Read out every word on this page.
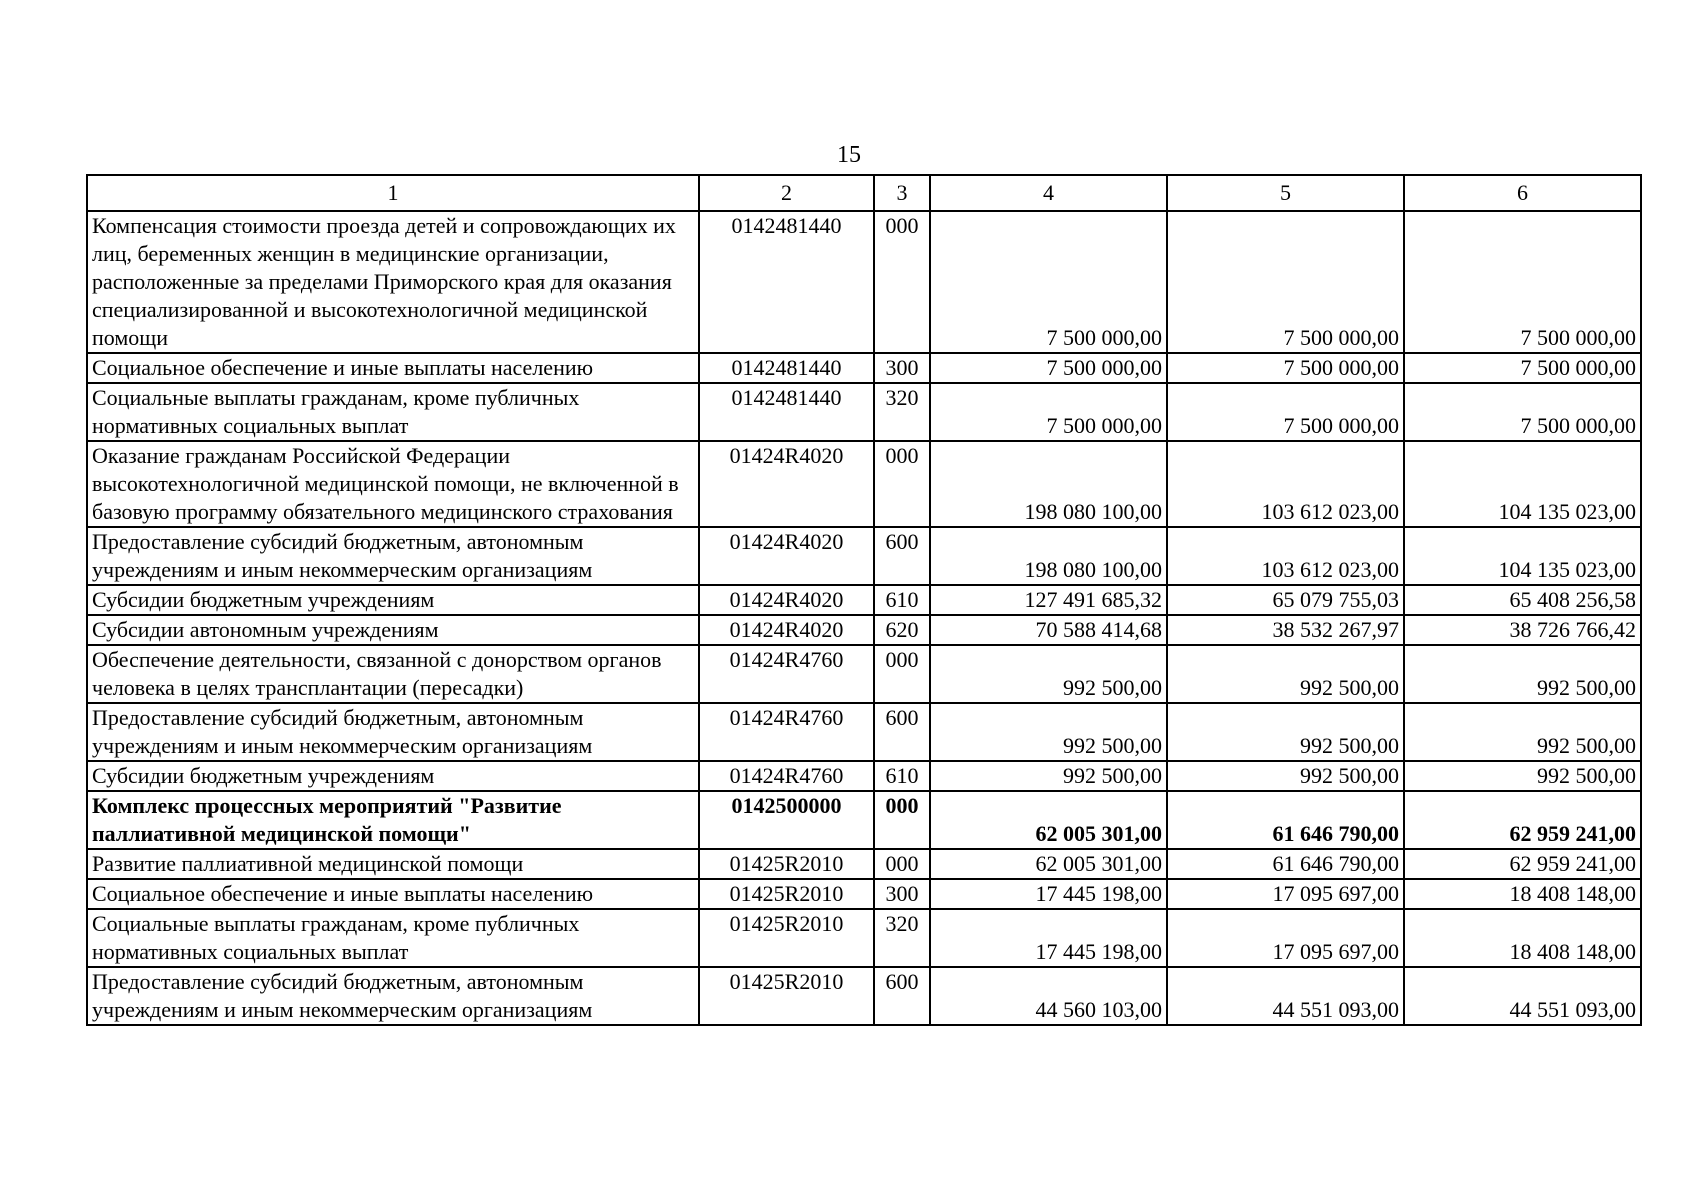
15
1	2	3	4	5	6
Компенсация стоимости проезда детей и сопровождающих их лиц, беременных женщин в медицинские организации, расположенные за пределами Приморского края для оказания специализированной и высокотехнологичной медицинской помощи	0142481440	000	7 500 000,00	7 500 000,00	7 500 000,00
Социальное обеспечение и иные выплаты населению	0142481440	300	7 500 000,00	7 500 000,00	7 500 000,00
Социальные выплаты гражданам, кроме публичных нормативных социальных выплат	0142481440	320	7 500 000,00	7 500 000,00	7 500 000,00
Оказание гражданам Российской Федерации высокотехнологичной медицинской помощи, не включенной в базовую программу обязательного медицинского страхования	01424R4020	000	198 080 100,00	103 612 023,00	104 135 023,00
Предоставление субсидий бюджетным, автономным учреждениям и иным некоммерческим организациям	01424R4020	600	198 080 100,00	103 612 023,00	104 135 023,00
Субсидии бюджетным учреждениям	01424R4020	610	127 491 685,32	65 079 755,03	65 408 256,58
Субсидии автономным учреждениям	01424R4020	620	70 588 414,68	38 532 267,97	38 726 766,42
Обеспечение деятельности, связанной с донорством органов человека в целях трансплантации (пересадки)	01424R4760	000	992 500,00	992 500,00	992 500,00
Предоставление субсидий бюджетным, автономным учреждениям и иным некоммерческим организациям	01424R4760	600	992 500,00	992 500,00	992 500,00
Субсидии бюджетным учреждениям	01424R4760	610	992 500,00	992 500,00	992 500,00
Комплекс процессных мероприятий "Развитие паллиативной медицинской помощи"	0142500000	000	62 005 301,00	61 646 790,00	62 959 241,00
Развитие паллиативной медицинской помощи	01425R2010	000	62 005 301,00	61 646 790,00	62 959 241,00
Социальное обеспечение и иные выплаты населению	01425R2010	300	17 445 198,00	17 095 697,00	18 408 148,00
Социальные выплаты гражданам, кроме публичных нормативных социальных выплат	01425R2010	320	17 445 198,00	17 095 697,00	18 408 148,00
Предоставление субсидий бюджетным, автономным учреждениям и иным некоммерческим организациям	01425R2010	600	44 560 103,00	44 551 093,00	44 551 093,00
